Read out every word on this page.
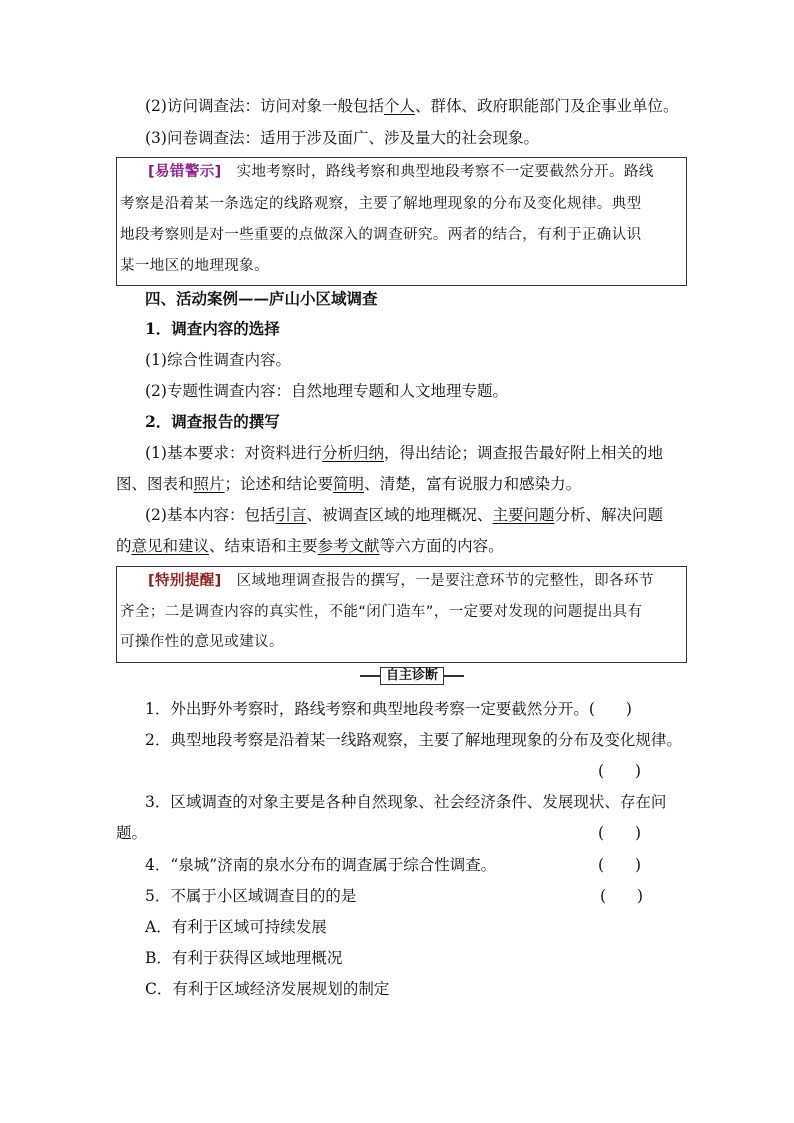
(2)访问调查法：访问对象一般包括个人、群体、政府职能部门及企事业单位。
(3)问卷调查法：适用于涉及面广、涉及量大的社会现象。
[易错警示]　 实地考察时，路线考察和典型地段考察不一定要截然分开。路线
考察是沿着某一条选定的线路观察，主要了解地理现象的分布及变化规律。典型
地段考察则是对一些重要的点做深入的调查研究。两者的结合，有利于正确认识
某一地区的地理现象。
四、活动案例——庐山小区域调查
1．调查内容的选择
(1)综合性调查内容。
(2)专题性调查内容：自然地理专题和人文地理专题。
2．调查报告的撰写
(1)基本要求：对资料进行分析归纳，得出结论；调查报告最好附上相关的地
图、图表和照片；论述和结论要简明、清楚，富有说服力和感染力。
(2)基本内容：包括引言、被调查区域的地理概况、主要问题分析、解决问题
的意见和建议、结束语和主要参考文献等六方面的内容。
[特别提醒]　 区域地理调查报告的撰写，一是要注意环节的完整性，即各环节
齐全；二是调查内容的真实性，不能“闭门造车”，一定要对发现的问题提出具有
可操作性的意见或建议。
自主诊断
1．外出野外考察时，路线考察和典型地段考察一定要截然分开。(　　)
2．典型地段考察是沿着某一线路观察，主要了解地理现象的分布及变化规律。
(　　)
3．区域调查的对象主要是各种自然现象、社会经济条件、发展现状、存在问
题。	(　　)
4．“泉城”济南的泉水分布的调查属于综合性调查。	(　　)
5．不属于小区域调查目的的是	(　　)
A．有利于区域可持续发展
B．有利于获得区域地理概况
C．有利于区域经济发展规划的制定
